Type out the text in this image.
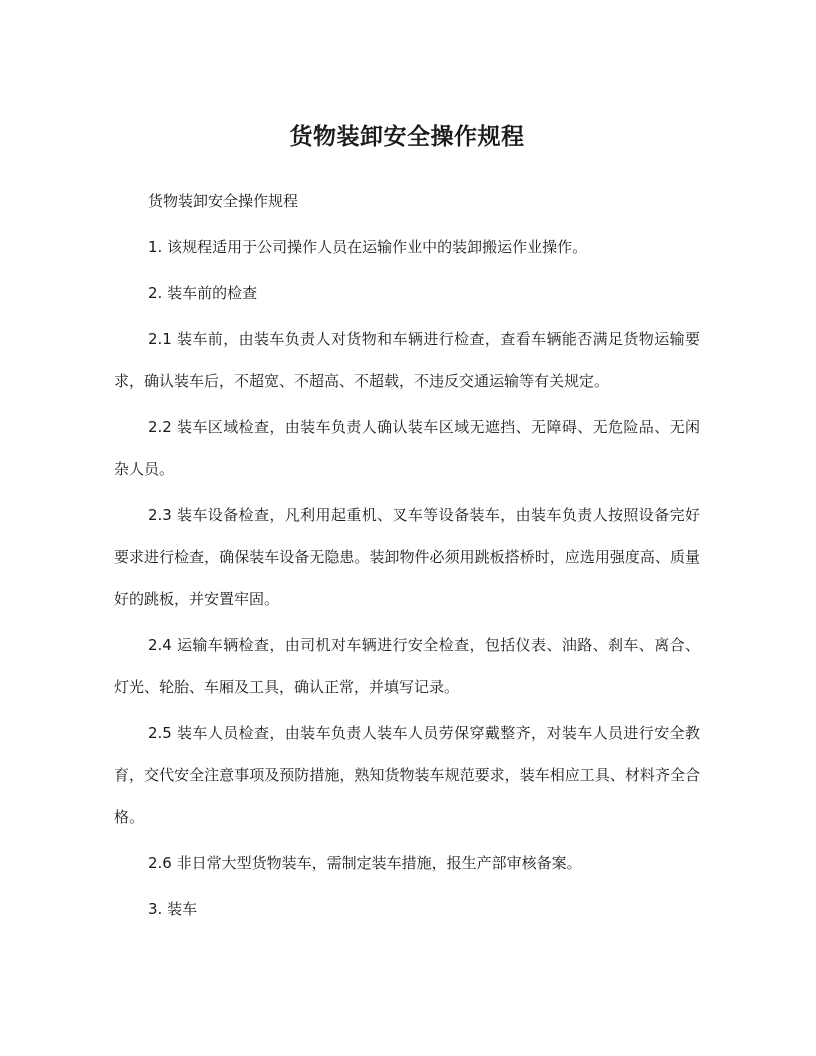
货物装卸安全操作规程

货物装卸安全操作规程

1. 该规程适用于公司操作人员在运输作业中的装卸搬运作业操作。

2. 装车前的检查

2.1 装车前，由装车负责人对货物和车辆进行检查，查看车辆能否满足货物运输要求，确认装车后，不超宽、不超高、不超载，不违反交通运输等有关规定。

2.2 装车区域检查，由装车负责人确认装车区域无遮挡、无障碍、无危险品、无闲杂人员。

2.3 装车设备检查，凡利用起重机、叉车等设备装车，由装车负责人按照设备完好要求进行检查，确保装车设备无隐患。装卸物件必须用跳板搭桥时，应选用强度高、质量好的跳板，并安置牢固。

2.4 运输车辆检查，由司机对车辆进行安全检查，包括仪表、油路、刹车、离合、灯光、轮胎、车厢及工具，确认正常，并填写记录。

2.5 装车人员检查，由装车负责人装车人员劳保穿戴整齐，对装车人员进行安全教育，交代安全注意事项及预防措施，熟知货物装车规范要求，装车相应工具、材料齐全合格。

2.6 非日常大型货物装车，需制定装车措施，报生产部审核备案。

3. 装车
